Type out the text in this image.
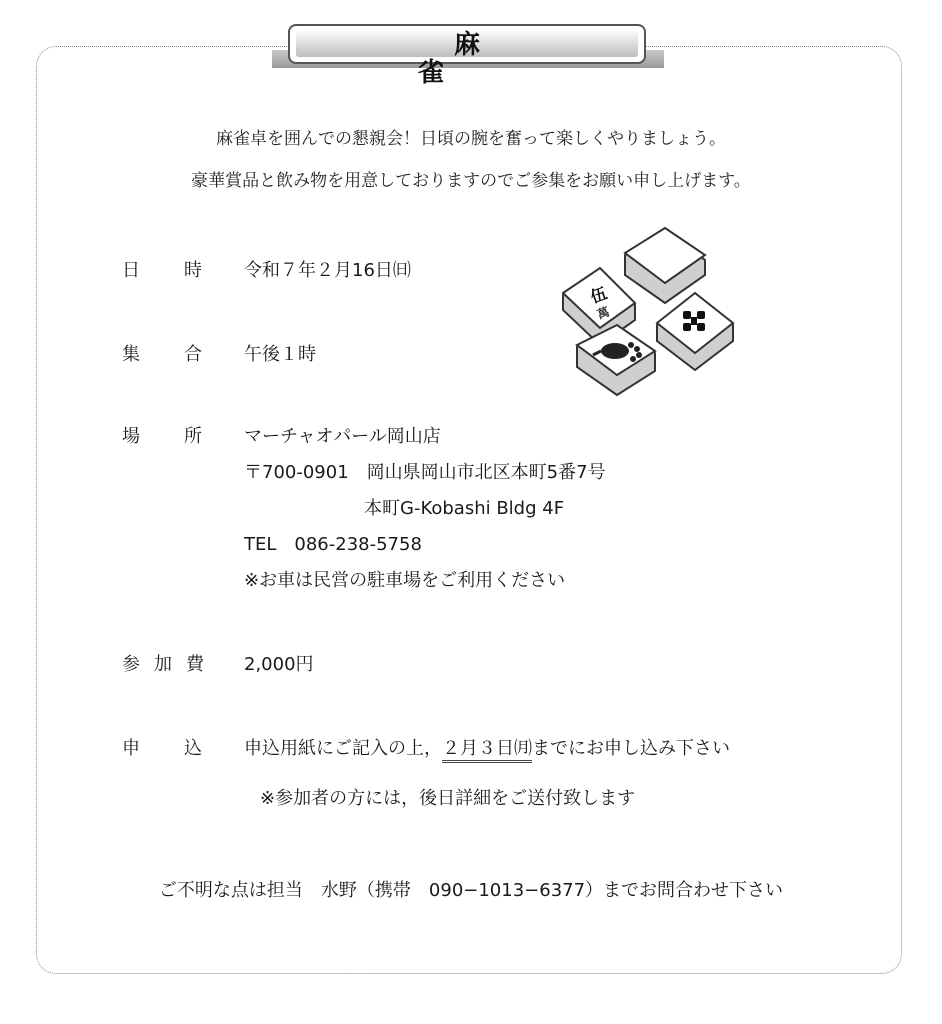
麻　　雀
麻雀卓を囲んでの懇親会！日頃の腕を奮って楽しくやりましょう。
豪華賞品と飲み物を用意しておりますのでご参集をお願い申し上げます。
日 時 令和７年２月16日㈰
集 合 午後１時
場 所 マーチャオパール岡山店
〒700-0901　岡山県岡山市北区本町5番7号
本町G-Kobashi Bldg 4F
TEL　086-238-5758
※お車は民営の駐車場をご利用ください
参 加 費 2,000円
申 込 申込用紙にご記入の上，２月３日㈪までにお申し込み下さい
※参加者の方には，後日詳細をご送付致します
ご不明な点は担当　水野（携帯　090−1013−6377）までお問合わせ下さい
伍
萬
